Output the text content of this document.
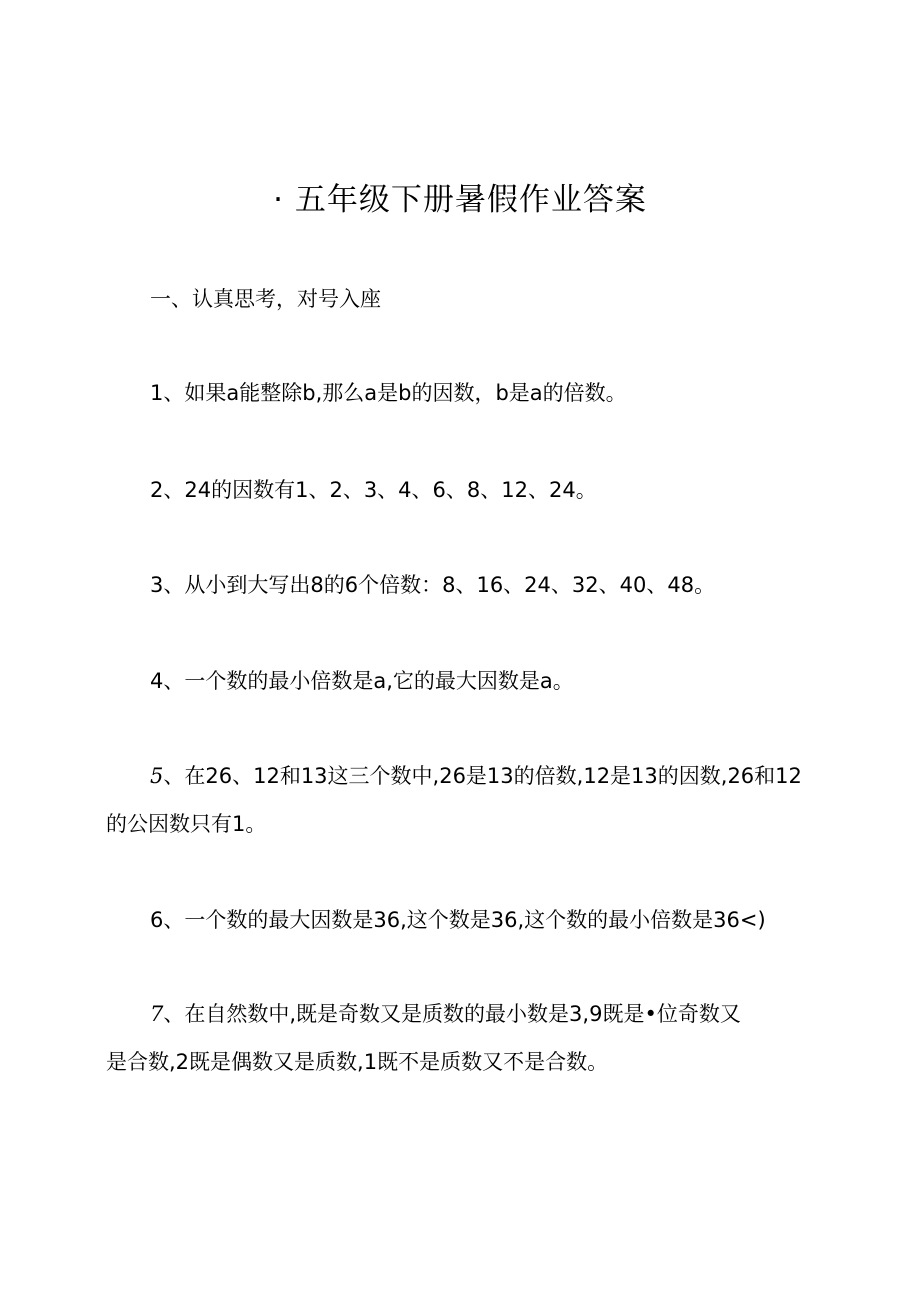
· 五年级下册暑假作业答案
一、认真思考，对号入座
1、如果a能整除b,那么a是b的因数，b是a的倍数。
2、24的因数有1、2、3、4、6、8、12、24。
3、从小到大写出8的6个倍数：8、16、24、32、40、48。
4、一个数的最小倍数是a,它的最大因数是a。
5、在26、12和13这三个数中,26是13的倍数,12是13的因数,26和12
的公因数只有1。
6、一个数的最大因数是36,这个数是36,这个数的最小倍数是36<)
7、在自然数中,既是奇数又是质数的最小数是3,9既是•位奇数又
是合数,2既是偶数又是质数,1既不是质数又不是合数。
